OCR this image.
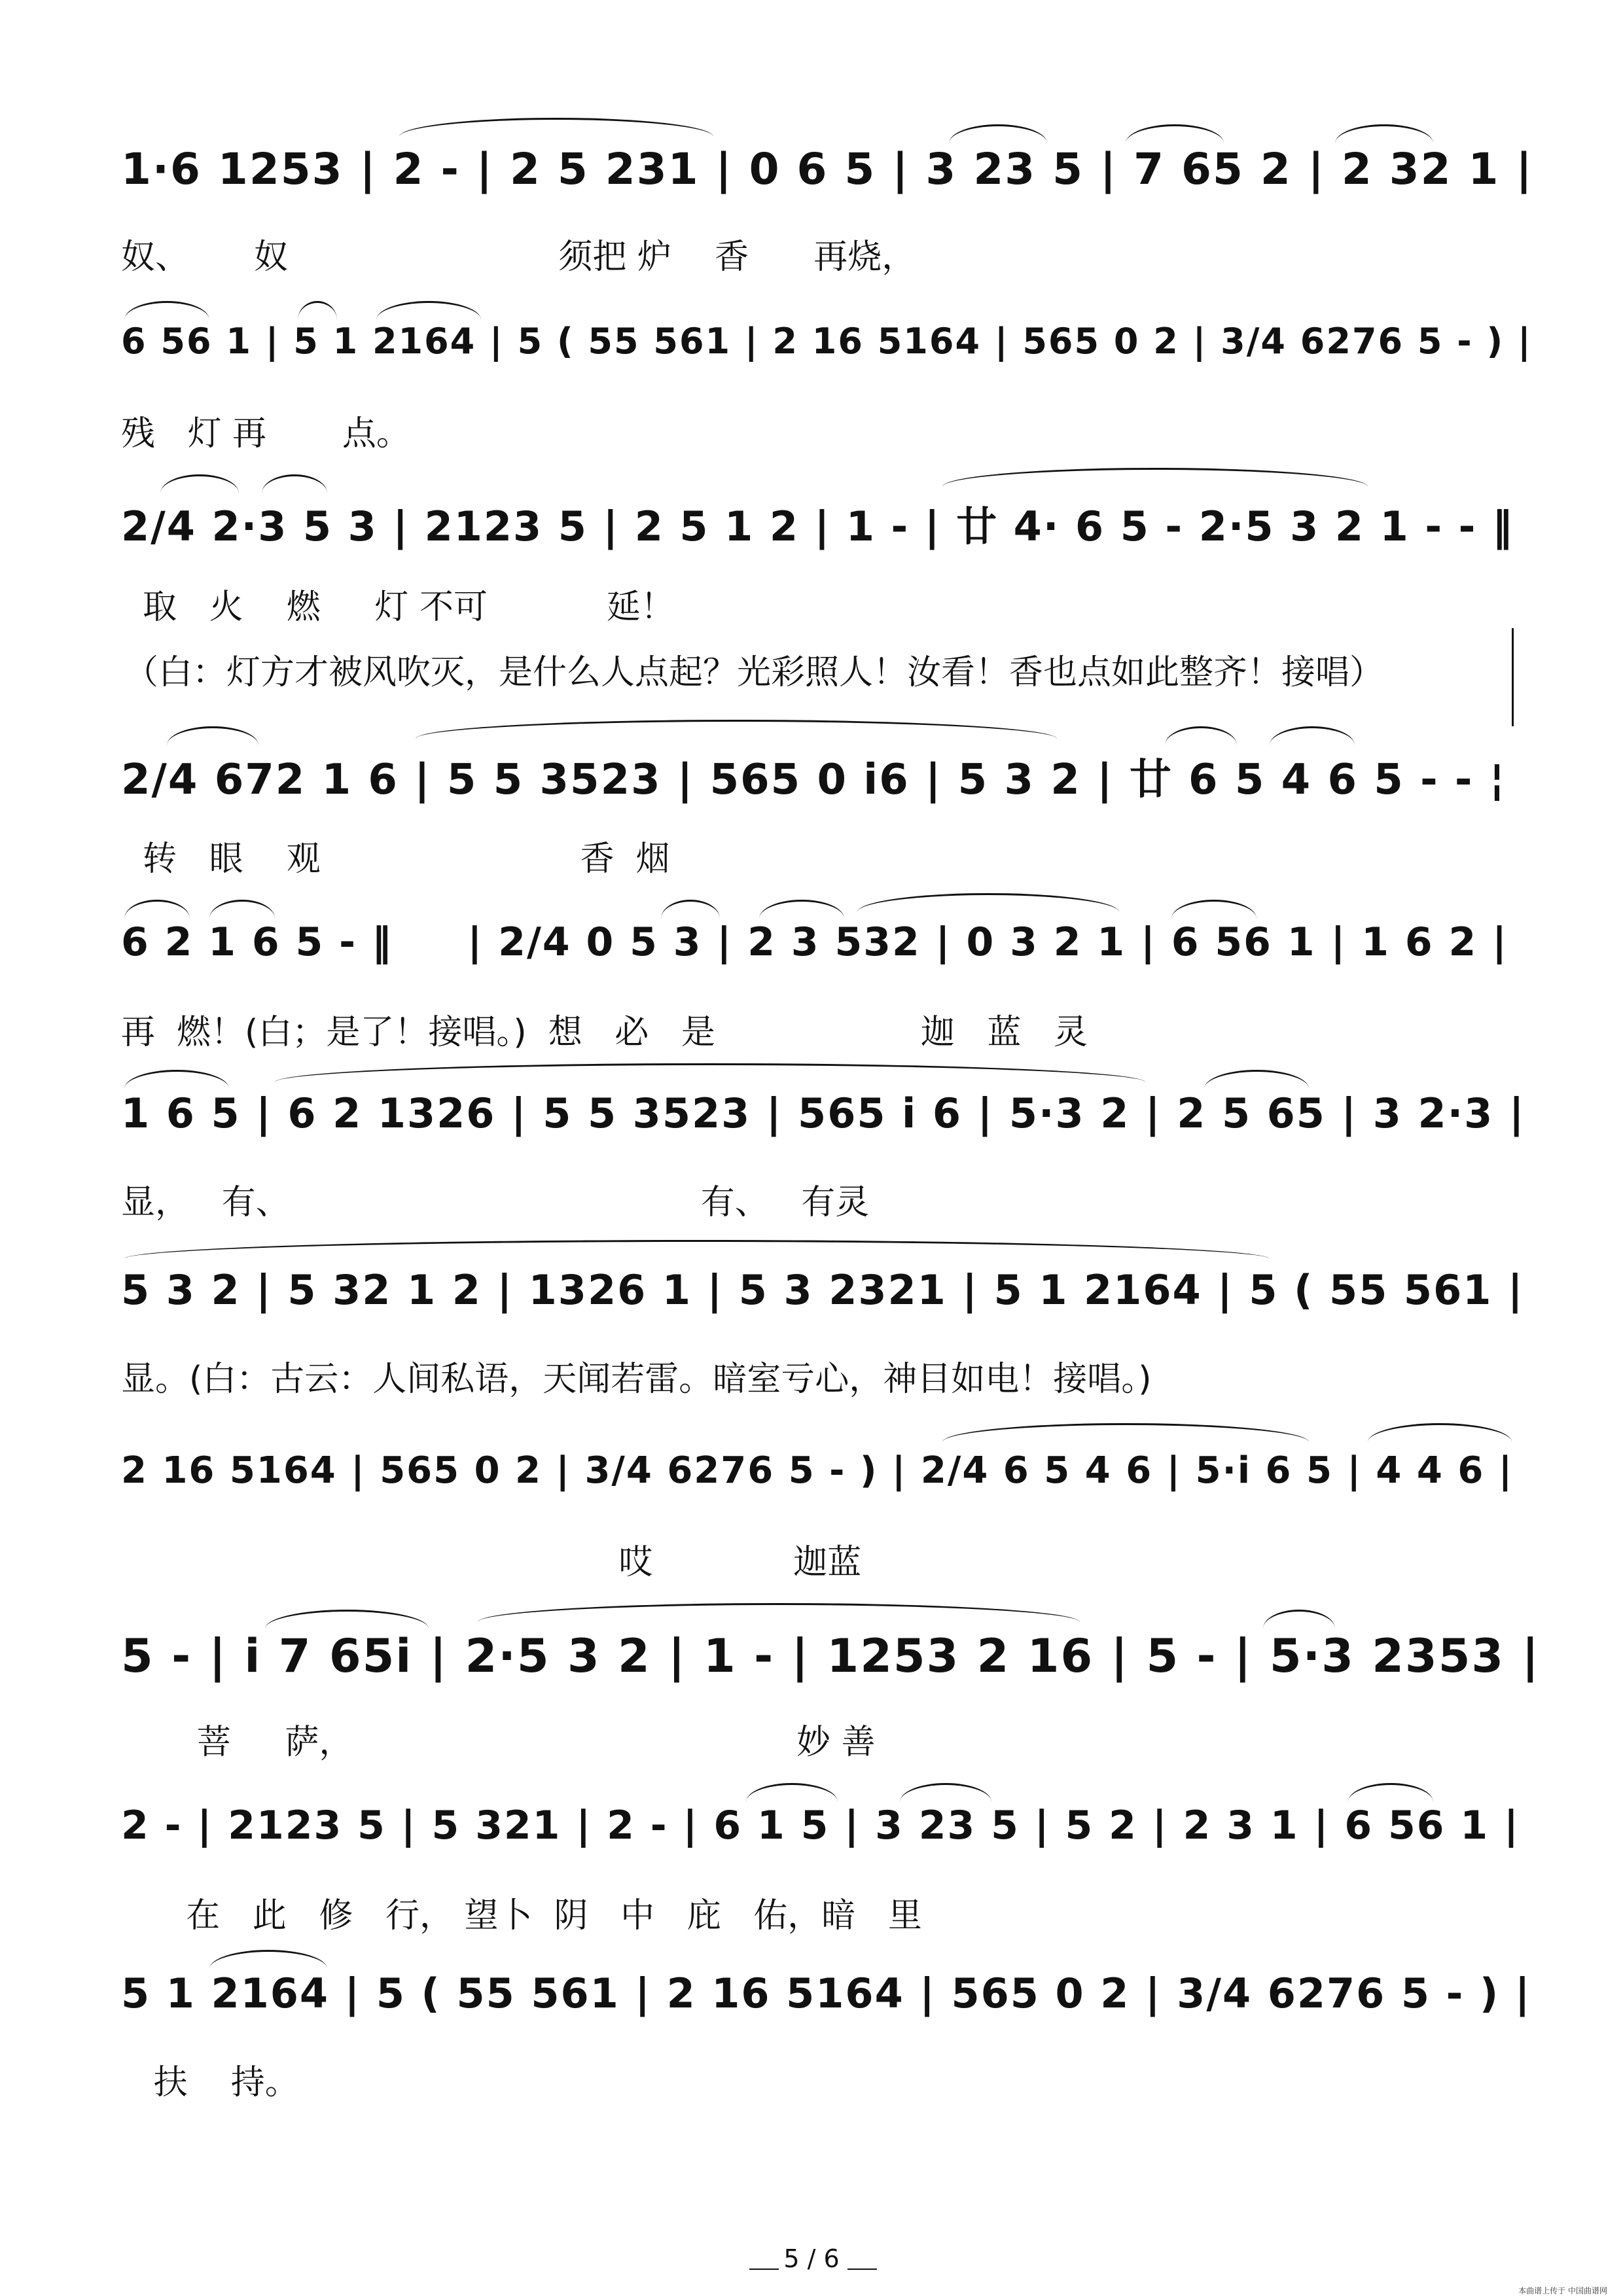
1·6 1253 | 2 - | 2 5 231 | 0 6 5 | 3 23 5 | 7 65 2 | 2 32 1 |
奴、      奴                         须把 炉    香      再烧，
6 56 1 | 5 1 2164 | 5 ( 55 561 | 2 16 5164 | 565 0 2 | 3/4 6276 5 - ) |
残   灯 再       点。
2/4 2·3 5 3 | 2123 5 | 2 5 1 2 | 1 - | 廿 4· 6 5 - 2·5 3 2 1 - - ‖
取   火    燃     灯 不可           延！
（白：灯方才被风吹灭，是什么人点起？光彩照人！汝看！香也点如此整齐！接唱）
2/4 672 1 6 | 5 5 3523 | 565 0 i6 | 5 3 2 | 廿 6 5 4 6 5 - - ¦
转   眼    观                        香  烟
6 2 1 6 5 - ‖     | 2/4 0 5 3 | 2 3 532 | 0 3 2 1 | 6 56 1 | 1 6 2 |
再  燃！(白；是了！接唱。)  想   必   是                   迦   蓝   灵
1 6 5 | 6 2 1326 | 5 5 3523 | 565 i 6 | 5·3 2 | 2 5 65 | 3 2·3 |
显，   有、                                      有、   有灵
5 3 2 | 5 32 1 2 | 1326 1 | 5 3 2321 | 5 1 2164 | 5 ( 55 561 |
显。(白：古云：人间私语，天闻若雷。暗室亏心，神目如电！接唱。)
2 16 5164 | 565 0 2 | 3/4 6276 5 - ) | 2/4 6 5 4 6 | 5·i 6 5 | 4 4 6 |
哎             迦蓝
5 - | i 7 65i | 2·5 3 2 | 1 - | 1253 2 16 | 5 - | 5·3 2353 |
菩     萨，                                         妙 善
2 - | 2123 5 | 5 321 | 2 - | 6 1 5 | 3 23 5 | 5 2 | 2 3 1 | 6 56 1 |
在   此   修   行， 望卜  阴   中   庇   佑，暗   里
5 1 2164 | 5 ( 55 561 | 2 16 5164 | 565 0 2 | 3/4 6276 5 - ) |
扶    持。
5 / 6
本曲谱上传于 中国曲谱网
